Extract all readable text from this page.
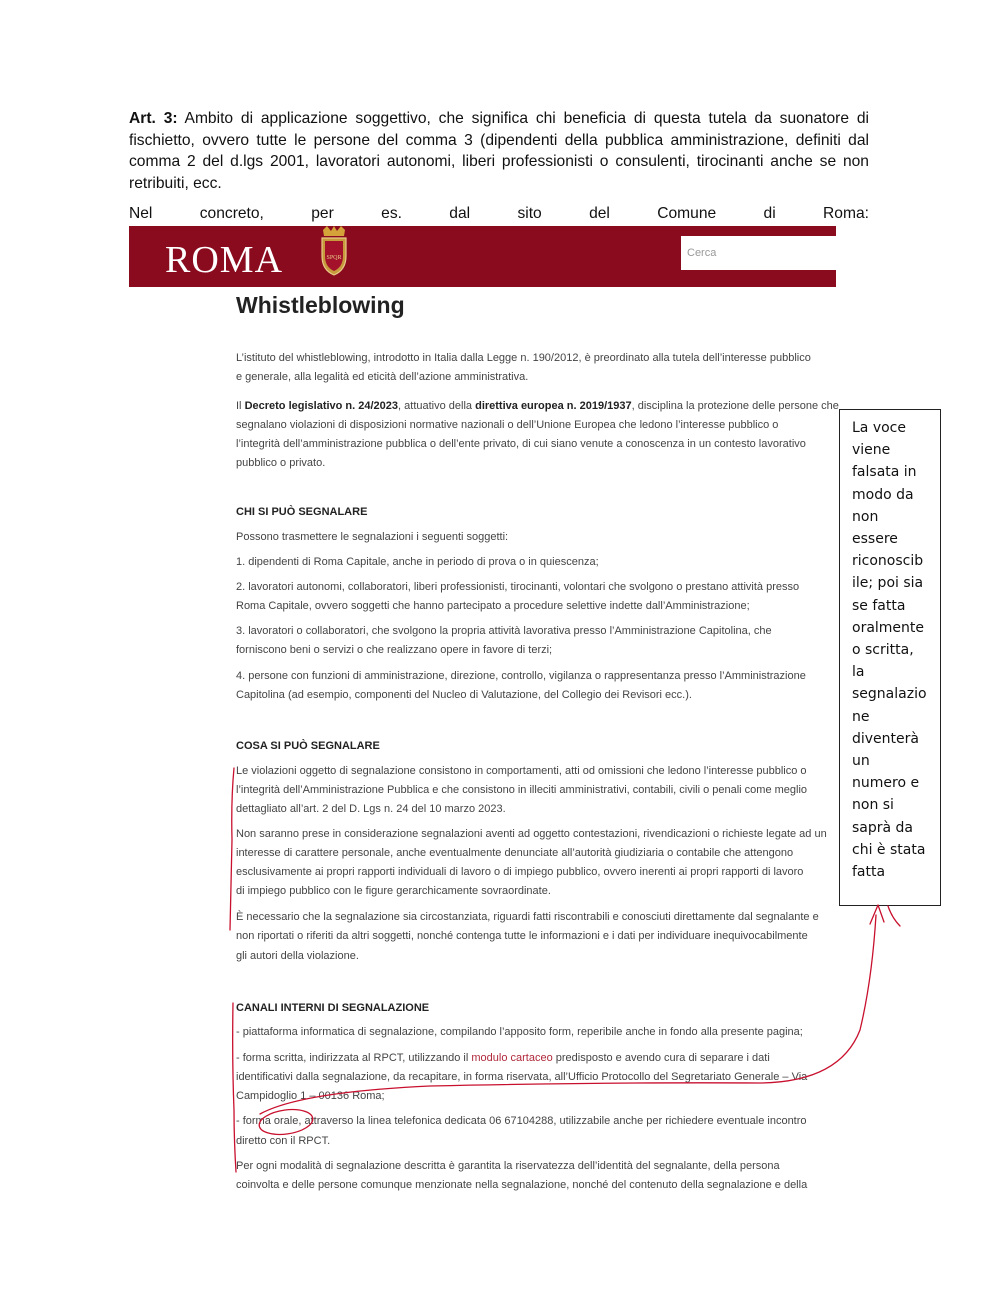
Art. 3: Ambito di applicazione soggettivo, che significa chi beneficia di questa tutela da suonatore di fischietto, ovvero tutte le persone del comma 3 (dipendenti della pubblica amministrazione, definiti dal comma 2 del d.lgs 2001, lavoratori autonomi, liberi professionisti o consulenti, tirocinanti anche se non retribuiti, ecc.
Nel	concreto,	per	es.	dal	sito	del	Comune	di	Roma:
ROMA	SPQR	Cerca
Whistleblowing
L’istituto del whistleblowing, introdotto in Italia dalla Legge n. 190/2012, è preordinato alla tutela dell’interesse pubblico
e generale, alla legalità ed eticità dell’azione amministrativa.
Il Decreto legislativo n. 24/2023, attuativo della direttiva europea n. 2019/1937, disciplina la protezione delle persone che
segnalano violazioni di disposizioni normative nazionali o dell’Unione Europea che ledono l’interesse pubblico o
l’integrità dell’amministrazione pubblica o dell’ente privato, di cui siano venute a conoscenza in un contesto lavorativo
pubblico o privato.
CHI SI PUÒ SEGNALARE
Possono trasmettere le segnalazioni i seguenti soggetti:
1. dipendenti di Roma Capitale, anche in periodo di prova o in quiescenza;
2. lavoratori autonomi, collaboratori, liberi professionisti, tirocinanti, volontari che svolgono o prestano attività presso
Roma Capitale, ovvero soggetti che hanno partecipato a procedure selettive indette dall’Amministrazione;
3. lavoratori o collaboratori, che svolgono la propria attività lavorativa presso l’Amministrazione Capitolina, che
forniscono beni o servizi o che realizzano opere in favore di terzi;
4. persone con funzioni di amministrazione, direzione, controllo, vigilanza o rappresentanza presso l’Amministrazione
Capitolina (ad esempio, componenti del Nucleo di Valutazione, del Collegio dei Revisori ecc.).
COSA SI PUÒ SEGNALARE
Le violazioni oggetto di segnalazione consistono in comportamenti, atti od omissioni che ledono l’interesse pubblico o
l’integrità dell’Amministrazione Pubblica e che consistono in illeciti amministrativi, contabili, civili o penali come meglio
dettagliato all’art. 2 del D. Lgs n. 24 del 10 marzo 2023.
Non saranno prese in considerazione segnalazioni aventi ad oggetto contestazioni, rivendicazioni o richieste legate ad un
interesse di carattere personale, anche eventualmente denunciate all’autorità giudiziaria o contabile che attengono
esclusivamente ai propri rapporti individuali di lavoro o di impiego pubblico, ovvero inerenti ai propri rapporti di lavoro
di impiego pubblico con le figure gerarchicamente sovraordinate.
È necessario che la segnalazione sia circostanziata, riguardi fatti riscontrabili e conosciuti direttamente dal segnalante e
non riportati o riferiti da altri soggetti, nonché contenga tutte le informazioni e i dati per individuare inequivocabilmente
gli autori della violazione.
CANALI INTERNI DI SEGNALAZIONE
- piattaforma informatica di segnalazione, compilando l’apposito form, reperibile anche in fondo alla presente pagina;
- forma scritta, indirizzata al RPCT, utilizzando il modulo cartaceo predisposto e avendo cura di separare i dati
identificativi dalla segnalazione, da recapitare, in forma riservata, all’Ufficio Protocollo del Segretariato Generale – Via
Campidoglio 1 – 00136 Roma;
- forma orale, attraverso la linea telefonica dedicata 06 67104288, utilizzabile anche per richiedere eventuale incontro
diretto con il RPCT.
Per ogni modalità di segnalazione descritta è garantita la riservatezza dell’identità del segnalante, della persona
coinvolta e delle persone comunque menzionate nella segnalazione, nonché del contenuto della segnalazione e della
La voce
viene
falsata in
modo da
non
essere
riconoscib
ile; poi sia
se fatta
oralmente
o scritta,
la
segnalazio
ne
diventerà
un
numero e
non si
saprà da
chi è stata
fatta
